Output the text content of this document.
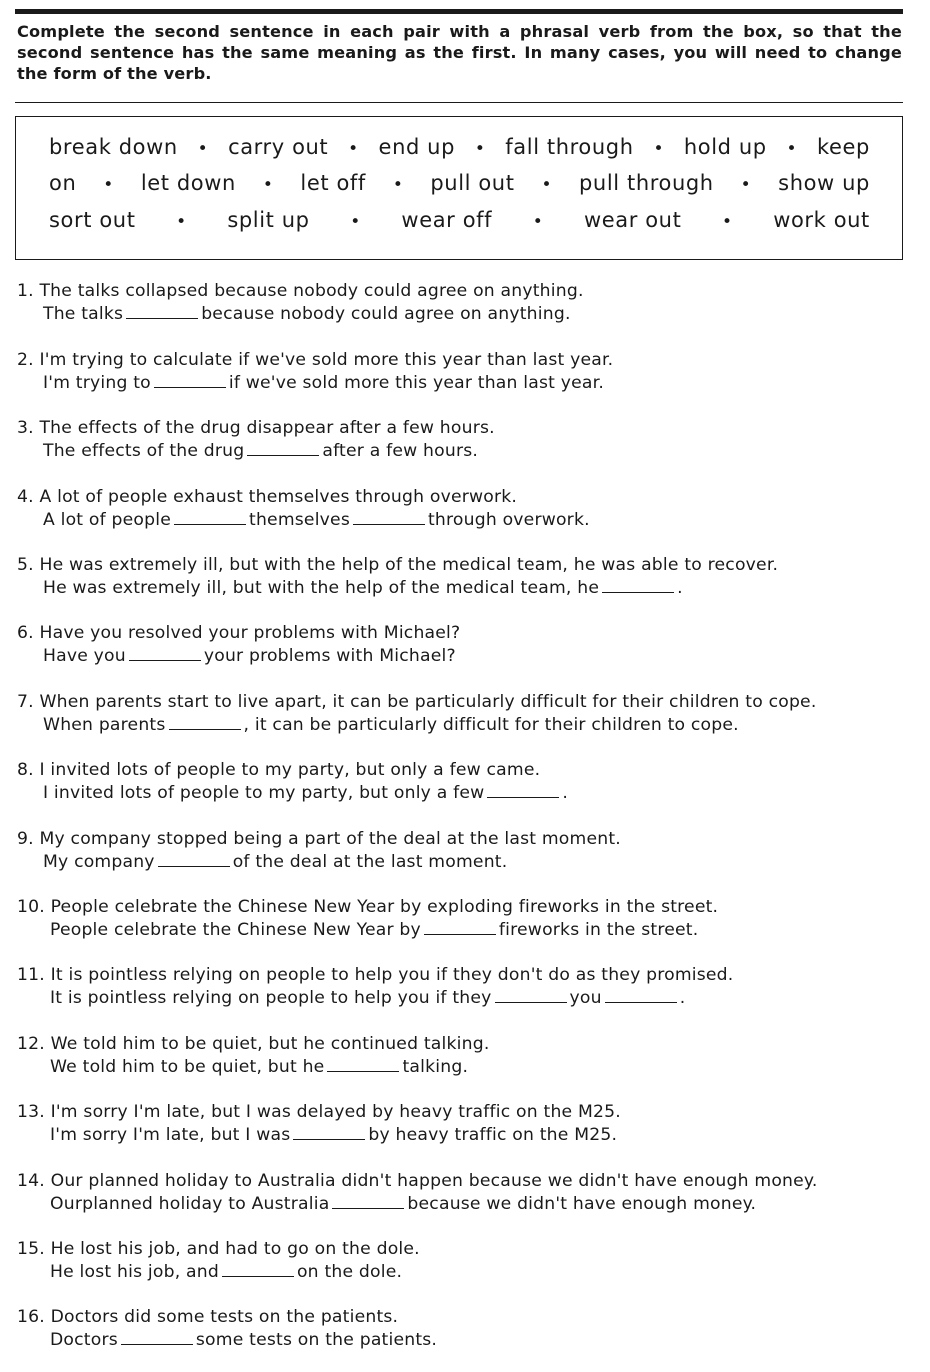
Complete the second sentence in each pair with a phrasal verb from the box, so that the second sentence has the same meaning as the first. In many cases, you will need to change the form of the verb.
break down • carry out • end up • fall through • hold up • keep
on • let down • let off • pull out • pull through • show up
sort out • split up • wear off • wear out • work out
1. The talks collapsed because nobody could agree on anything.
The talks	because nobody could agree on anything.
2. I'm trying to calculate if we've sold more this year than last year.
I'm trying to	if we've sold more this year than last year.
3. The effects of the drug disappear after a few hours.
The effects of the drug	after a few hours.
4. A lot of people exhaust themselves through overwork.
A lot of people	themselves	through overwork.
5. He was extremely ill, but with the help of the medical team, he was able to recover.
He was extremely ill, but with the help of the medical team, he	.
6. Have you resolved your problems with Michael?
Have you	your problems with Michael?
7. When parents start to live apart, it can be particularly difficult for their children to cope.
When parents	, it can be particularly difficult for their children to cope.
8. I invited lots of people to my party, but only a few came.
I invited lots of people to my party, but only a few	.
9. My company stopped being a part of the deal at the last moment.
My company	of the deal at the last moment.
10. People celebrate the Chinese New Year by exploding fireworks in the street.
People celebrate the Chinese New Year by	fireworks in the street.
11. It is pointless relying on people to help you if they don't do as they promised.
It is pointless relying on people to help you if they	you	.
12. We told him to be quiet, but he continued talking.
We told him to be quiet, but he	talking.
13. I'm sorry I'm late, but I was delayed by heavy traffic on the M25.
I'm sorry I'm late, but I was	by heavy traffic on the M25.
14. Our planned holiday to Australia didn't happen because we didn't have enough money.
Ourplanned holiday to Australia	because we didn't have enough money.
15. He lost his job, and had to go on the dole.
He lost his job, and	on the dole.
16. Doctors did some tests on the patients.
Doctors	some tests on the patients.
